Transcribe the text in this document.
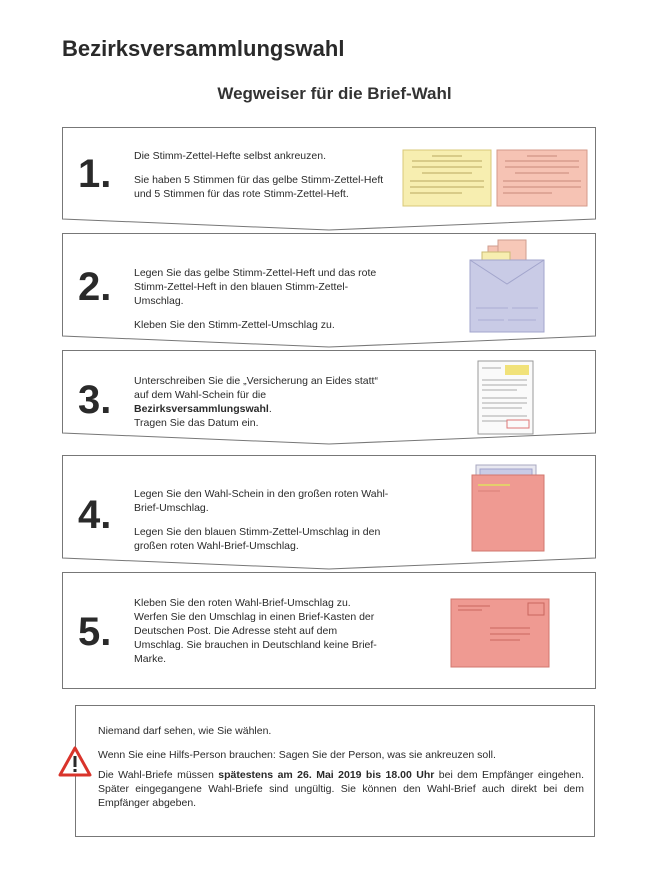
Bezirksversammlungswahl
Wegweiser für die Brief-Wahl
1. Die Stimm-Zettel-Hefte selbst ankreuzen.

Sie haben 5 Stimmen für das gelbe Stimm-Zettel-Heft und 5 Stimmen für das rote Stimm-Zettel-Heft.

2. Legen Sie das gelbe Stimm-Zettel-Heft und das rote Stimm-Zettel-Heft in den blauen Stimm-Zettel-Umschlag.

Kleben Sie den Stimm-Zettel-Umschlag zu.

3. Unterschreiben Sie die „Versicherung an Eides statt“ auf dem Wahl-Schein für die Bezirksversammlungswahl.
Tragen Sie das Datum ein.

4. Legen Sie den Wahl-Schein in den großen roten Wahl-Brief-Umschlag.

Legen Sie den blauen Stimm-Zettel-Umschlag in den großen roten Wahl-Brief-Umschlag.

5.

Kleben Sie den roten Wahl-Brief-Umschlag zu. Werfen Sie den Umschlag in einen Brief-Kasten der Deutschen Post. Die Adresse steht auf dem Umschlag. Sie brauchen in Deutschland keine Brief-Marke.

Niemand darf sehen, wie Sie wählen.

Wenn Sie eine Hilfs-Person brauchen: Sagen Sie der Person, was sie ankreuzen soll.

Die Wahl-Briefe müssen spätestens am 26. Mai 2019 bis 18.00 Uhr bei dem Empfänger eingehen. Später eingegangene Wahl-Briefe sind ungültig. Sie können den Wahl-Brief auch direkt bei dem Empfänger abgeben.
